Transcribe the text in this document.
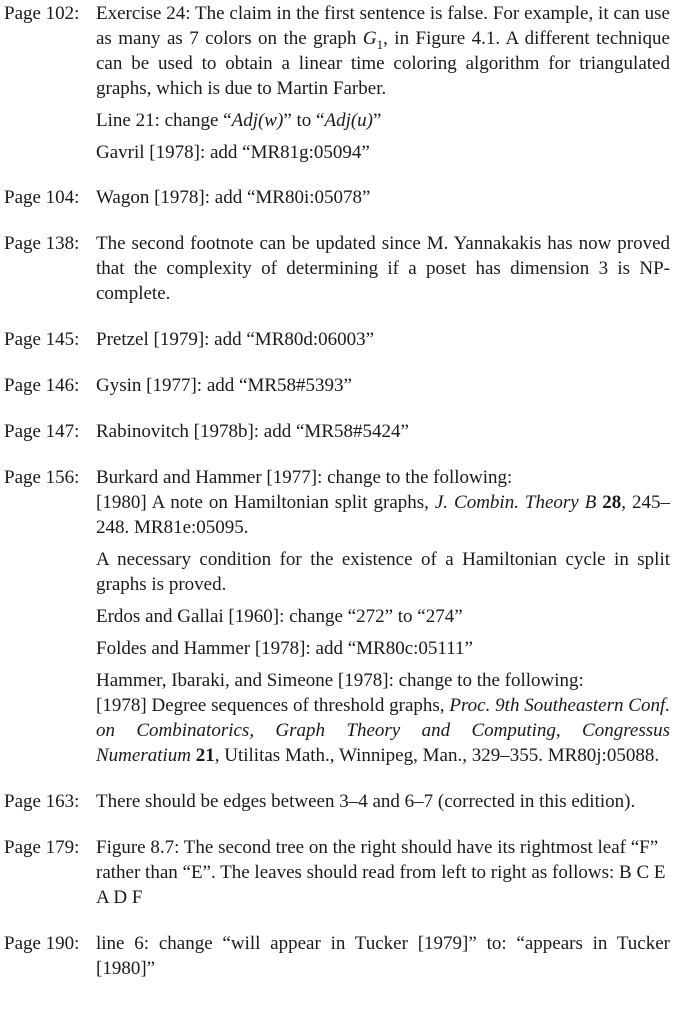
Page 102: Exercise 24: The claim in the first sentence is false. For example, it can use as many as 7 colors on the graph $G_1$, in Figure 4.1. A different technique can be used to obtain a linear time coloring algorithm for triangulated graphs, which is due to Martin Farber.

Line 21: change “Adj(w)” to “Adj(u)”

Gavril [1978]: add “MR81g:05094”

Page 104: Wagon [1978]: add “MR80i:05078”

Page 138: The second footnote can be updated since M. Yannakakis has now proved that the complexity of determining if a poset has dimension 3 is NP-complete.

Page 145: Pretzel [1979]: add “MR80d:06003”

Page 146: Gysin [1977]: add “MR58#5393”

Page 147: Rabinovitch [1978b]: add “MR58#5424”

Page 156: Burkard and Hammer [1977]: change to the following:
[1980] A note on Hamiltonian split graphs, J. Combin. Theory B 28, 245–248. MR81e:05095.

A necessary condition for the existence of a Hamiltonian cycle in split graphs is proved.

Erdos and Gallai [1960]: change “272” to “274”

Foldes and Hammer [1978]: add “MR80c:05111”

Hammer, Ibaraki, and Simeone [1978]: change to the following:
[1978] Degree sequences of threshold graphs, Proc. 9th Southeastern Conf. on Combinatorics, Graph Theory and Computing, Congressus Numeratium 21, Utilitas Math., Winnipeg, Man., 329–355. MR80j:05088.

Page 163: There should be edges between 3–4 and 6–7 (corrected in this edition).

Page 179: Figure 8.7: The second tree on the right should have its rightmost leaf “F” rather than “E”. The leaves should read from left to right as follows: B C E A D F

Page 190: line 6: change “will appear in Tucker [1979]” to: “appears in Tucker [1980]”
